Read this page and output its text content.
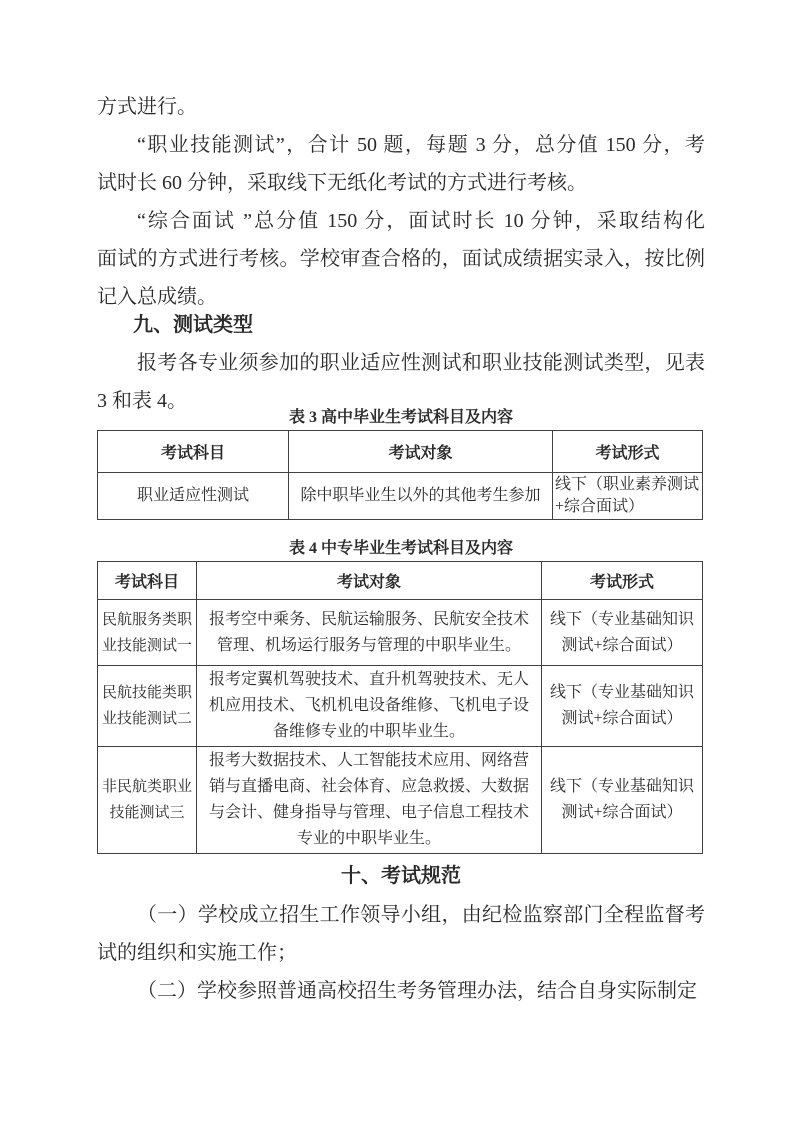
方式进行。
“职业技能测试”，合计 50 题，每题 3 分，总分值 150 分，考
试时长 60 分钟，采取线下无纸化考试的方式进行考核。
“综合面试 ”总分值 150 分，面试时长 10 分钟，采取结构化
面试的方式进行考核。学校审查合格的，面试成绩据实录入，按比例
记入总成绩。
九、测试类型
报考各专业须参加的职业适应性测试和职业技能测试类型，见表
3 和表 4。
表 3 高中毕业生考试科目及内容
考试科目	考试对象	考试形式
职业适应性测试	除中职毕业生以外的其他考生参加	线下（职业素养测试+综合面试）
表 4 中专毕业生考试科目及内容
考试科目	考试对象	考试形式
民航服务类职业技能测试一	报考空中乘务、民航运输服务、民航安全技术管理、机场运行服务与管理的中职毕业生。	线下（专业基础知识测试+综合面试）
民航技能类职业技能测试二	报考定翼机驾驶技术、直升机驾驶技术、无人机应用技术、飞机机电设备维修、飞机电子设备维修专业的中职毕业生。	线下（专业基础知识测试+综合面试）
非民航类职业技能测试三	报考大数据技术、人工智能技术应用、网络营销与直播电商、社会体育、应急救援、大数据与会计、健身指导与管理、电子信息工程技术专业的中职毕业生。	线下（专业基础知识测试+综合面试）
十、考试规范
（一）学校成立招生工作领导小组，由纪检监察部门全程监督考
试的组织和实施工作；
（二）学校参照普通高校招生考务管理办法，结合自身实际制定
